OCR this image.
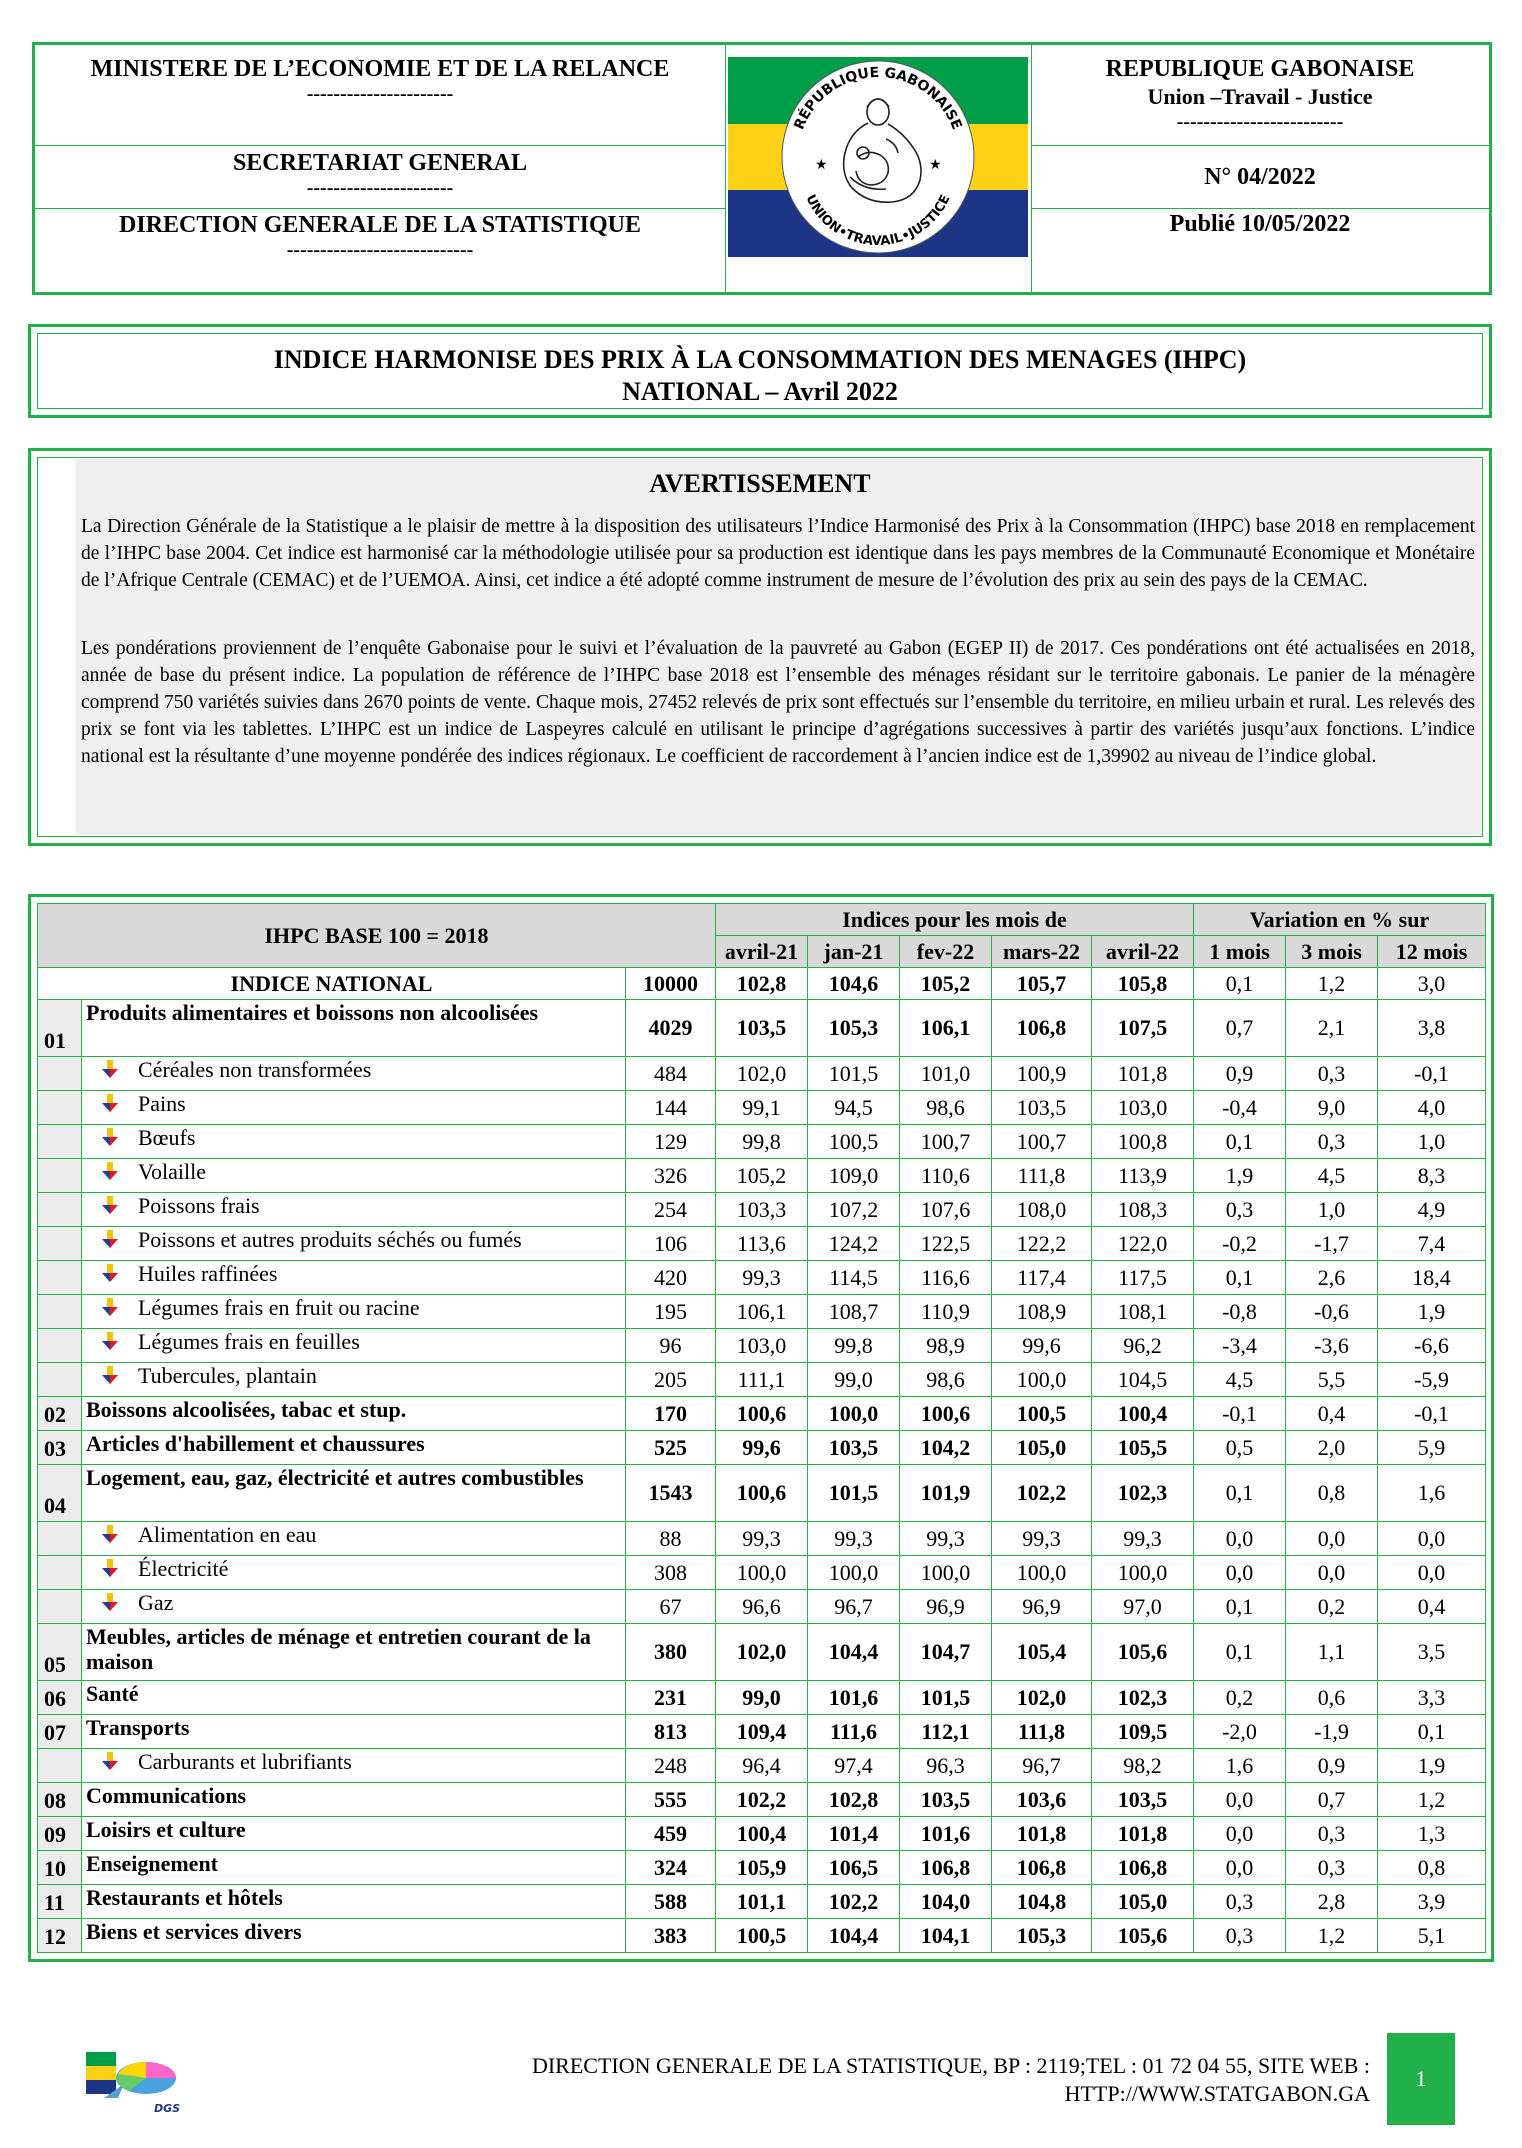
MINISTERE DE L’ECONOMIE ET DE LA RELANCE
----------------------
SECRETARIAT GENERAL
----------------------
DIRECTION GENERALE DE LA STATISTIQUE
----------------------------
REPUBLIQUE GABONAISE
Union –Travail - Justice
-------------------------
N° 04/2022
Publié 10/05/2022
RÉPUBLIQUE GABONAISE
UNION•TRAVAIL•JUSTICE
★	★
INDICE HARMONISE DES PRIX À LA CONSOMMATION DES MENAGES (IHPC)
NATIONAL – Avril 2022
AVERTISSEMENT
La Direction Générale de la Statistique a le plaisir de mettre à la disposition des utilisateurs l’Indice Harmonisé des Prix à la Consommation (IHPC) base 2018 en remplacement de l’IHPC base 2004. Cet indice est harmonisé car la méthodologie utilisée pour sa production est identique dans les pays membres de la Communauté Economique et Monétaire de l’Afrique Centrale (CEMAC) et de l’UEMOA. Ainsi, cet indice a été adopté comme instrument de mesure de l’évolution des prix au sein des pays de la CEMAC.
Les pondérations proviennent de l’enquête Gabonaise pour le suivi et l’évaluation de la pauvreté au Gabon (EGEP II) de 2017. Ces pondérations ont été actualisées en 2018, année de base du présent indice. La population de référence de l’IHPC base 2018 est l’ensemble des ménages résidant sur le territoire gabonais. Le panier de la ménagère comprend 750 variétés suivies dans 2670 points de vente. Chaque mois, 27452 relevés de prix sont effectués sur l’ensemble du territoire, en milieu urbain et rural. Les relevés des prix se font via les tablettes. L’IHPC est un indice de Laspeyres calculé en utilisant le principe d’agrégations successives à partir des variétés jusqu’aux fonctions. L’indice national est la résultante d’une moyenne pondérée des indices régionaux. Le coefficient de raccordement à l’ancien indice est de 1,39902 au niveau de l’indice global.
IHPC BASE 100 = 2018			Indices pour les mois de					Variation en % sur		
			avril-21	jan-21	fev-22	mars-22	avril-22	1 mois	3 mois	12 mois
INDICE NATIONAL		10000	102,8	104,6	105,2	105,7	105,8	0,1	1,2	3,0
01	Produits alimentaires et boissons non alcoolisées	4029	103,5	105,3	106,1	106,8	107,5	0,7	2,1	3,8
	Céréales non transformées	484	102,0	101,5	101,0	100,9	101,8	0,9	0,3	-0,1
	Pains	144	99,1	94,5	98,6	103,5	103,0	-0,4	9,0	4,0
	Bœufs	129	99,8	100,5	100,7	100,7	100,8	0,1	0,3	1,0
	Volaille	326	105,2	109,0	110,6	111,8	113,9	1,9	4,5	8,3
	Poissons frais	254	103,3	107,2	107,6	108,0	108,3	0,3	1,0	4,9
	Poissons et autres produits séchés ou fumés	106	113,6	124,2	122,5	122,2	122,0	-0,2	-1,7	7,4
	Huiles raffinées	420	99,3	114,5	116,6	117,4	117,5	0,1	2,6	18,4
	Légumes frais en fruit ou racine	195	106,1	108,7	110,9	108,9	108,1	-0,8	-0,6	1,9
	Légumes frais en feuilles	96	103,0	99,8	98,9	99,6	96,2	-3,4	-3,6	-6,6
	Tubercules, plantain	205	111,1	99,0	98,6	100,0	104,5	4,5	5,5	-5,9
02	Boissons alcoolisées, tabac et stup.	170	100,6	100,0	100,6	100,5	100,4	-0,1	0,4	-0,1
03	Articles d'habillement et chaussures	525	99,6	103,5	104,2	105,0	105,5	0,5	2,0	5,9
04	Logement, eau, gaz, électricité et autres combustibles	1543	100,6	101,5	101,9	102,2	102,3	0,1	0,8	1,6
	Alimentation en eau	88	99,3	99,3	99,3	99,3	99,3	0,0	0,0	0,0
	Électricité	308	100,0	100,0	100,0	100,0	100,0	0,0	0,0	0,0
	Gaz	67	96,6	96,7	96,9	96,9	97,0	0,1	0,2	0,4
05	Meubles, articles de ménage et entretien courant de la maison	380	102,0	104,4	104,7	105,4	105,6	0,1	1,1	3,5
06	Santé	231	99,0	101,6	101,5	102,0	102,3	0,2	0,6	3,3
07	Transports	813	109,4	111,6	112,1	111,8	109,5	-2,0	-1,9	0,1
	Carburants et lubrifiants	248	96,4	97,4	96,3	96,7	98,2	1,6	0,9	1,9
08	Communications	555	102,2	102,8	103,5	103,6	103,5	0,0	0,7	1,2
09	Loisirs et culture	459	100,4	101,4	101,6	101,8	101,8	0,0	0,3	1,3
10	Enseignement	324	105,9	106,5	106,8	106,8	106,8	0,0	0,3	0,8
11	Restaurants et hôtels	588	101,1	102,2	104,0	104,8	105,0	0,3	2,8	3,9
12	Biens et services divers	383	100,5	104,4	104,1	105,3	105,6	0,3	1,2	5,1
DGS
DIRECTION GENERALE DE LA STATISTIQUE, BP : 2119;TEL : 01 72 04 55, SITE WEB :
HTTP://WWW.STATGABON.GA
1
